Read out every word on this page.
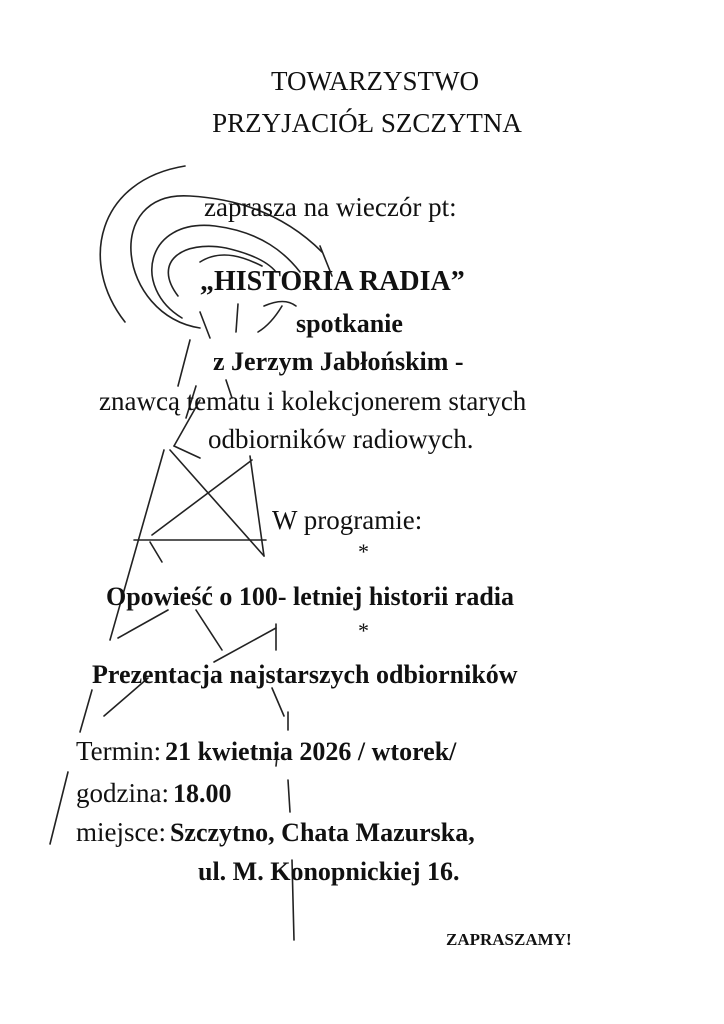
TOWARZYSTWO
PRZYJACIÓŁ SZCZYTNA
zaprasza na wieczór pt:
„HISTORIA RADIA”
spotkanie
z Jerzym Jabłońskim -
znawcą tematu i kolekcjonerem starych
odbiorników radiowych.
W programie:
*
Opowieść o 100- letniej historii radia
*
Prezentacja najstarszych odbiorników
Termin: 21 kwietnia 2026 / wtorek/
godzina: 18.00
miejsce: Szczytno, Chata Mazurska,
ul. M. Konopnickiej 16.
ZAPRASZAMY!
